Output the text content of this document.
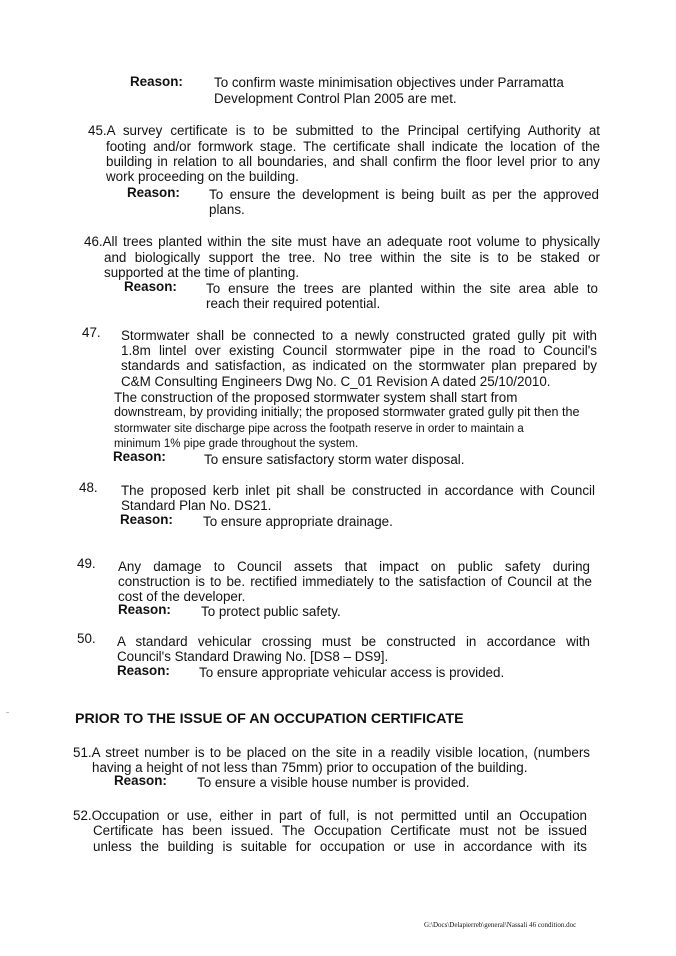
Reason: To confirm waste minimisation objectives under Parramatta
Development Control Plan 2005 are met.
45.A survey certificate is to be submitted to the Principal certifying Authority at
footing and/or formwork stage. The certificate shall indicate the location of the
building in relation to all boundaries, and shall confirm the floor level prior to any
work proceeding on the building.
Reason: To ensure the development is being built as per the approved
plans.
46.All trees planted within the site must have an adequate root volume to physically
and biologically support the tree. No tree within the site is to be staked or
supported at the time of planting.
Reason: To ensure the trees are planted within the site area able to
reach their required potential.
47. Stormwater shall be connected to a newly constructed grated gully pit with
1.8m lintel over existing Council stormwater pipe in the road to Council's
standards and satisfaction, as indicated on the stormwater plan prepared by
C&M Consulting Engineers Dwg No. C_01 Revision A dated 25/10/2010.
The construction of the proposed stormwater system shall start from
downstream, by providing initially; the proposed stormwater grated gully pit then the
stormwater site discharge pipe across the footpath reserve in order to maintain a
minimum 1% pipe grade throughout the system.
Reason:	To ensure satisfactory storm water disposal.
48. The proposed kerb inlet pit shall be constructed in accordance with Council
Standard Plan No. DS21.
Reason: To ensure appropriate drainage.
49. Any damage to Council assets that impact on public safety during
construction is to be. rectified immediately to the satisfaction of Council at the
cost of the developer.
Reason: To protect public safety.
50. A standard vehicular crossing must be constructed in accordance with
Council's Standard Drawing No. [DS8 – DS9].
Reason: To ensure appropriate vehicular access is provided.
PRIOR TO THE ISSUE OF AN OCCUPATION CERTIFICATE
51.A street number is to be placed on the site in a readily visible location, (numbers
having a height of not less than 75mm) prior to occupation of the building.
Reason: To ensure a visible house number is provided.
52.Occupation or use, either in part of full, is not permitted until an Occupation
Certificate has been issued. The Occupation Certificate must not be issued
unless the building is suitable for occupation or use in accordance with its
G:\Docs\Delapierreb\general\Nassali 46 condition.doc
